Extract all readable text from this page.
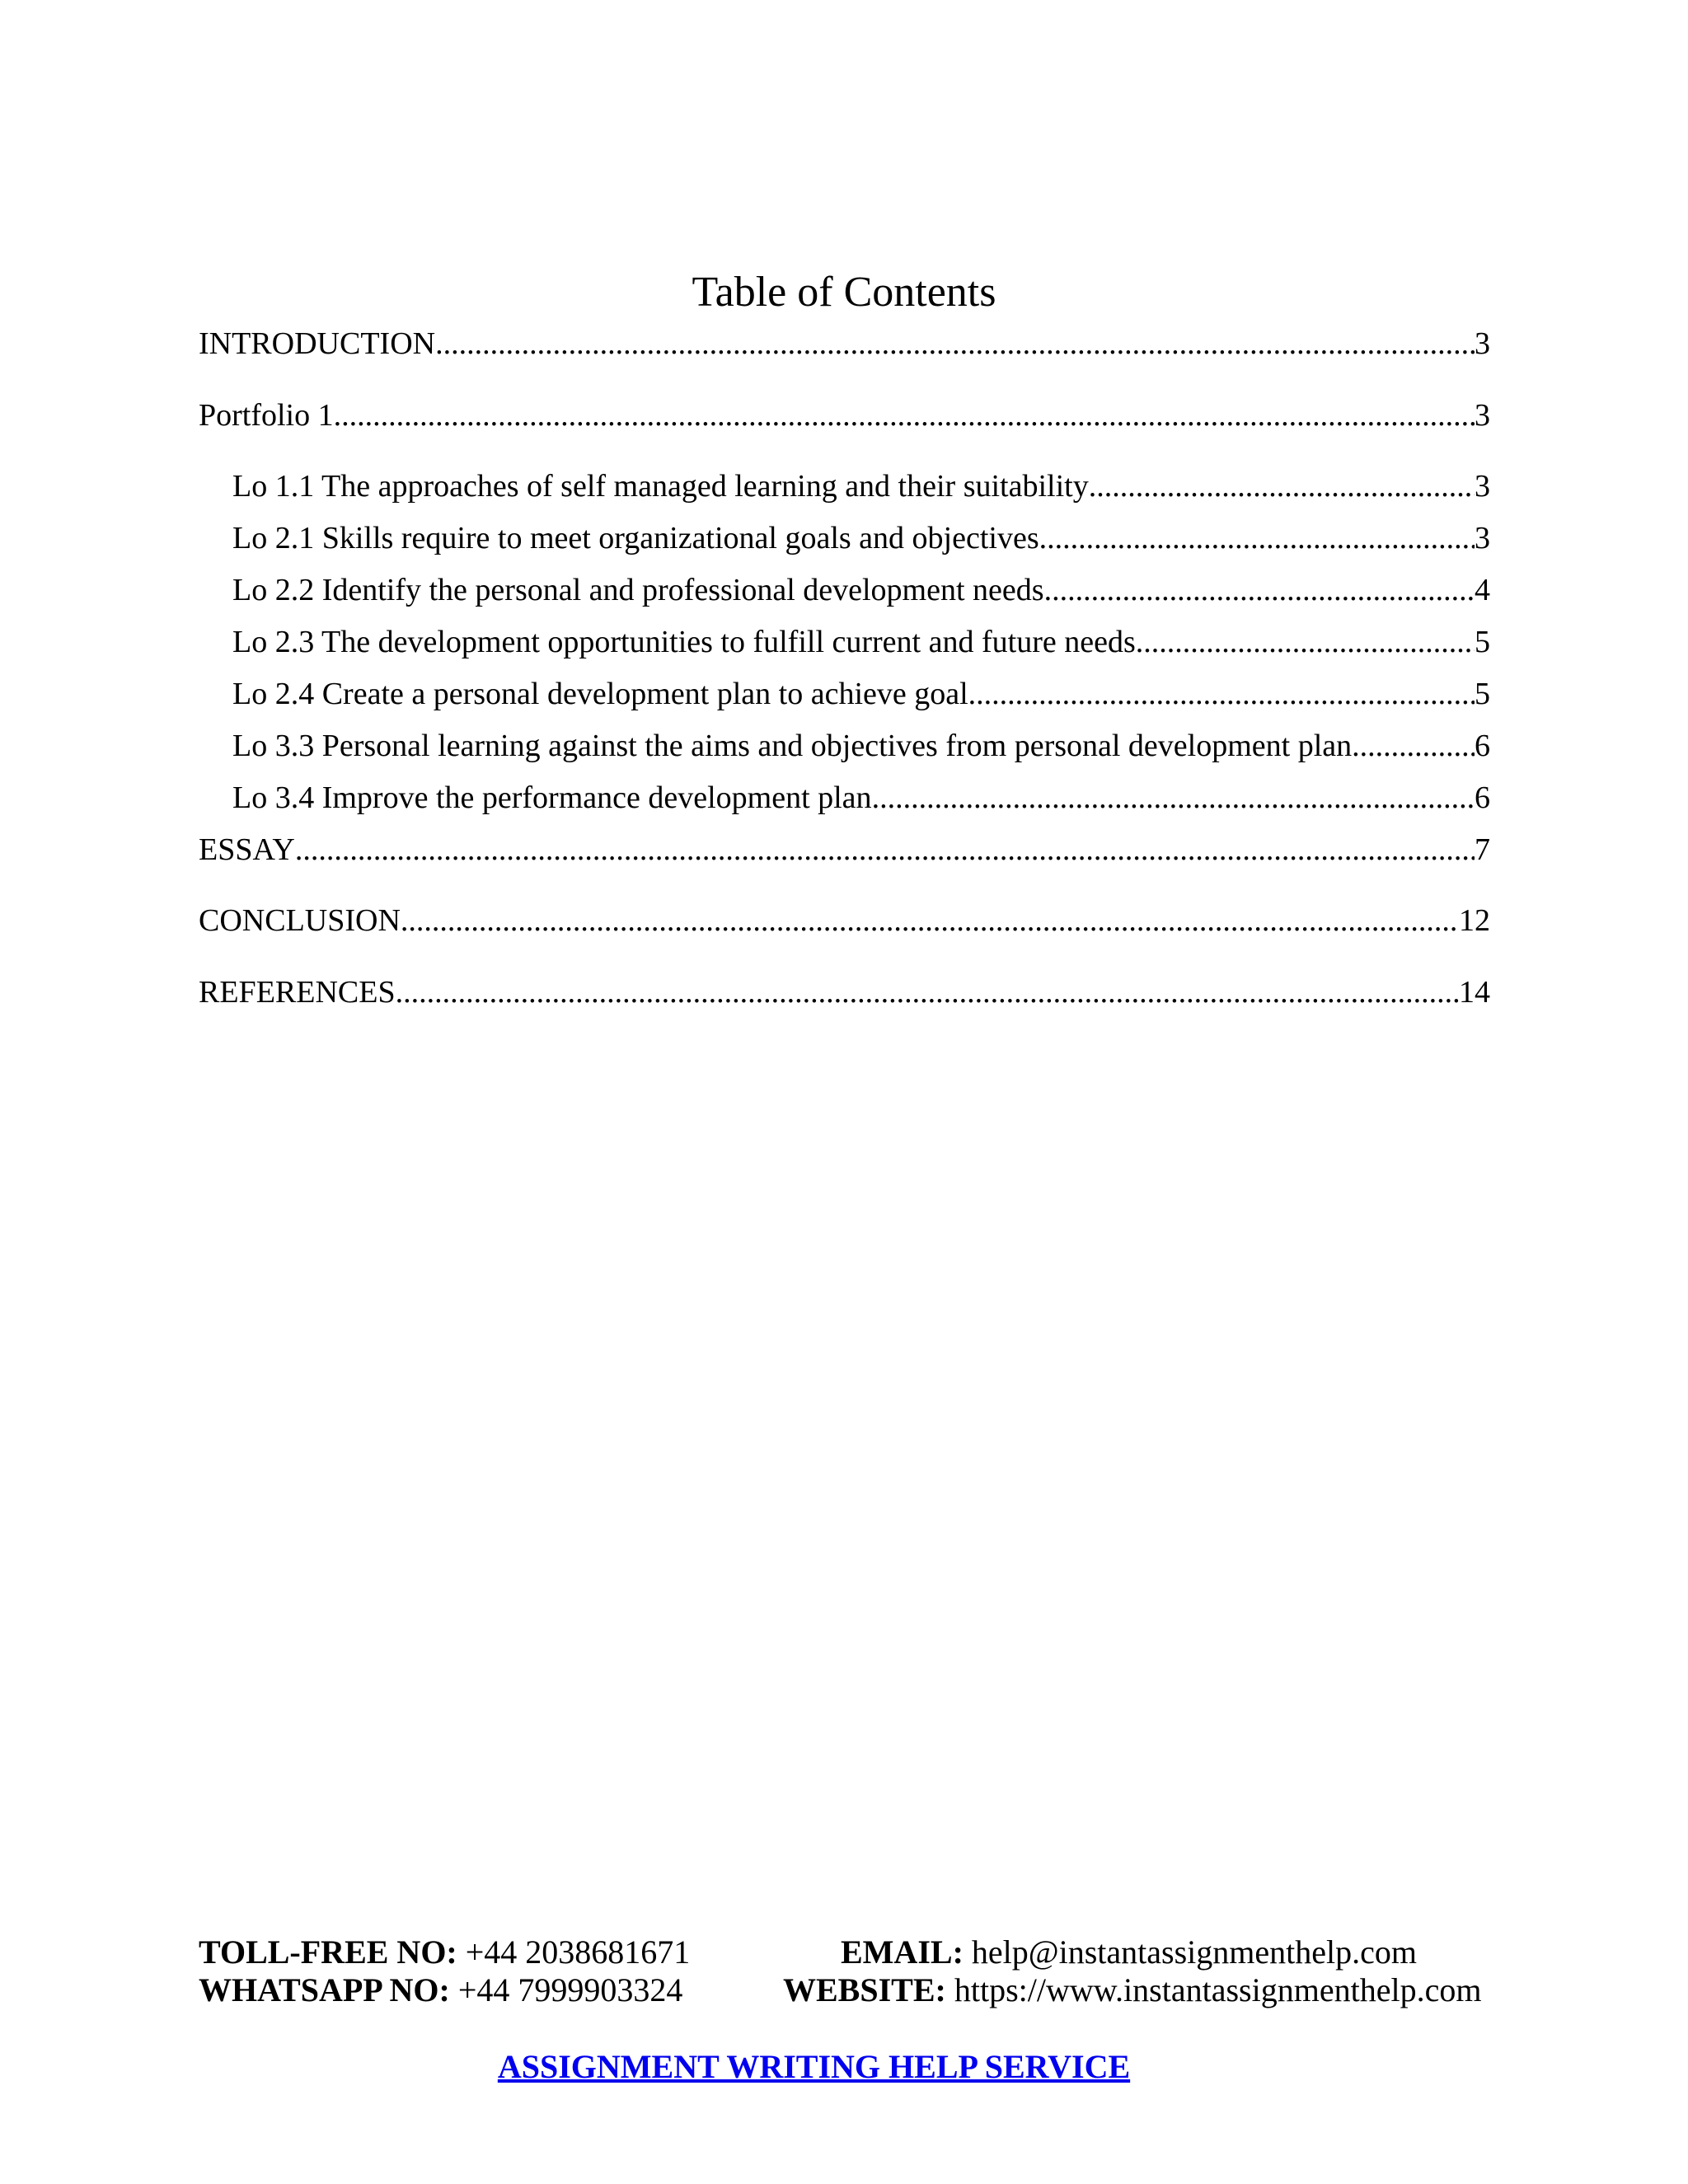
Table of Contents
INTRODUCTION .....	3
Portfolio 1 .....	3
Lo 1.1 The approaches of self managed learning and their suitability .....	3
Lo 2.1 Skills require to meet organizational goals and objectives .....	3
Lo 2.2 Identify the personal and professional development needs .....	4
Lo 2.3 The development opportunities to fulfill current and future needs .....	5
Lo 2.4 Create a personal development plan to achieve goal .....	5
Lo 3.3 Personal learning against the aims and objectives from personal development plan .....	6
Lo 3.4 Improve the performance development plan .....	6
ESSAY .....	7
CONCLUSION .....	12
REFERENCES .....	14
TOLL-FREE NO: +44 2038681671
WHATSAPP NO: +44 7999903324
EMAIL: help@instantassignmenthelp.com
WEBSITE: https://www.instantassignmenthelp.com
ASSIGNMENT WRITING HELP SERVICE
